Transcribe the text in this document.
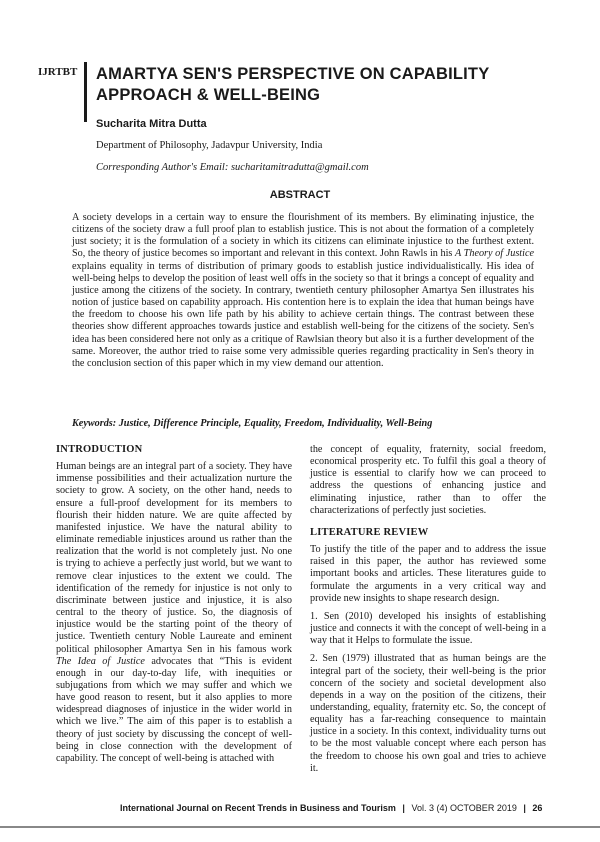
IJRTBT AMARTYA SEN'S PERSPECTIVE ON CAPABILITY APPROACH & WELL-BEING
Sucharita Mitra Dutta
Department of Philosophy, Jadavpur University, India
Corresponding Author's Email: sucharitamitradutta@gmail.com
ABSTRACT

A society develops in a certain way to ensure the flourishment of its members. By eliminating injustice, the citizens of the society draw a full proof plan to establish justice. This is not about the formation of a completely just society; it is the formulation of a society in which its citizens can eliminate injustice to the furthest extent. So, the theory of justice becomes so important and relevant in this context. John Rawls in his A Theory of Justice explains equality in terms of distribution of primary goods to establish justice individualistically. His idea of well-being helps to develop the position of least well offs in the society so that it brings a concept of equality and justice among the citizens of the society. In contrary, twentieth century philosopher Amartya Sen illustrates his notion of justice based on capability approach. His contention here is to explain the idea that human beings have the freedom to choose his own life path by his ability to achieve certain things. The contrast between these theories show different approaches towards justice and establish well-being for the citizens of the society. Sen's idea has been considered here not only as a critique of Rawlsian theory but also it is a further development of the same. Moreover, the author tried to raise some very admissible queries regarding practicality in Sen's theory in the conclusion section of this paper which in my view demand our attention.

Keywords: Justice, Difference Principle, Equality, Freedom, Individuality, Well-Being
INTRODUCTION

Human beings are an integral part of a society. They have immense possibilities and their actualization nurture the society to grow. A society, on the other hand, needs to ensure a full-proof development for its members to flourish their hidden nature. We are quite affected by manifested injustice. We have the natural ability to eliminate remediable injustices around us rather than the realization that the world is not completely just. No one is trying to achieve a perfectly just world, but we want to remove clear injustices to the extent we could. The identification of the remedy for injustice is not only to discriminate between justice and injustice, it is also central to the theory of justice. So, the diagnosis of injustice would be the starting point of the theory of justice. Twentieth century Noble Laureate and eminent political philosopher Amartya Sen in his famous work The Idea of Justice advocates that “This is evident enough in our day-to-day life, with inequities or subjugations from which we may suffer and which we have good reason to resent, but it also applies to more widespread diagnoses of injustice in the wider world in which we live.” The aim of this paper is to establish a theory of just society by discussing the concept of well-being in close connection with the development of capability. The concept of well-being is attached with

the concept of equality, fraternity, social freedom, economical prosperity etc. To fulfil this goal a theory of justice is essential to clarify how we can proceed to address the questions of enhancing justice and eliminating injustice, rather than to offer the characterizations of perfectly just societies.

LITERATURE REVIEW

To justify the title of the paper and to address the issue raised in this paper, the author has reviewed some important books and articles. These literatures guide to formulate the arguments in a very critical way and provide new insights to shape research design.

1. Sen (2010) developed his insights of establishing justice and connects it with the concept of well-being in a way that it Helps to formulate the issue.

2. Sen (1979) illustrated that as human beings are the integral part of the society, their well-being is the prior concern of the society and societal development also depends in a way on the position of the citizens, their understanding, equality, fraternity etc. So, the concept of equality has a far-reaching consequence to maintain justice in a society. In this context, individuality turns out to be the most valuable concept where each person has the freedom to choose his own goal and tries to achieve it.

International Journal on Recent Trends in Business and Tourism | Vol. 3 (4) OCTOBER 2019 | 26
